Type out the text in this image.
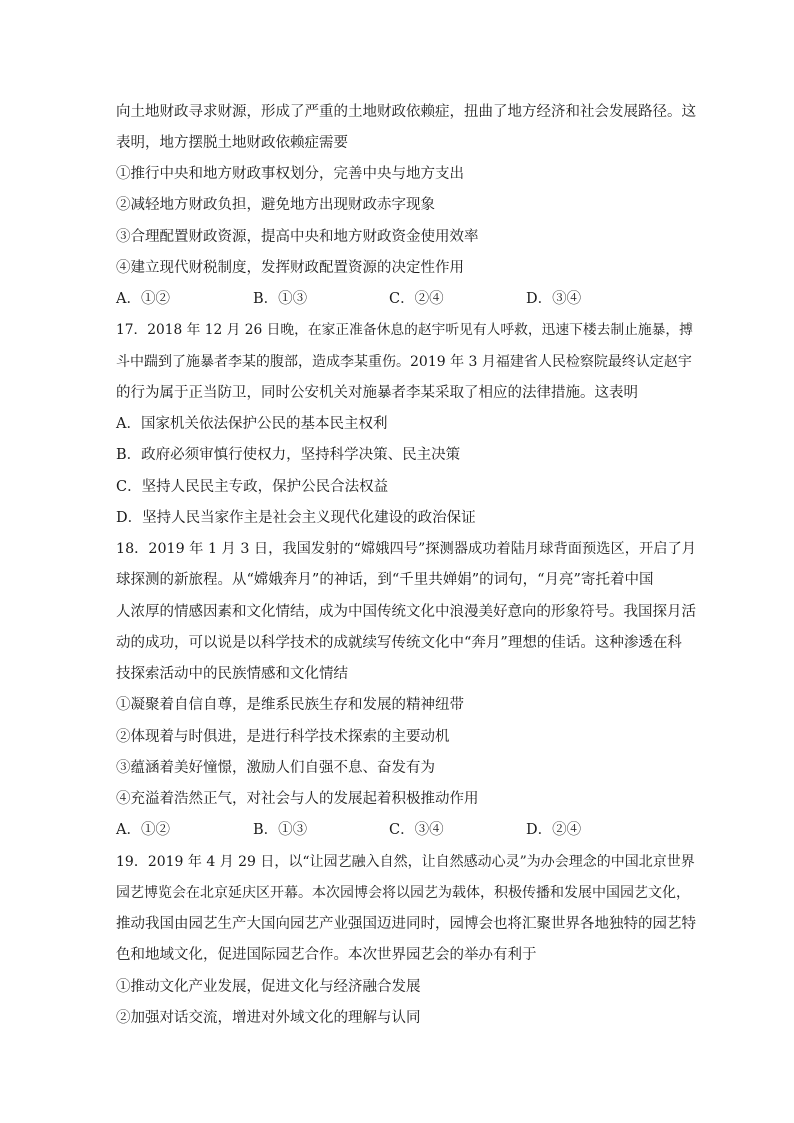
向土地财政寻求财源，形成了严重的土地财政依赖症，扭曲了地方经济和社会发展路径。这
表明，地方摆脱土地财政依赖症需要
①推行中央和地方财政事权划分，完善中央与地方支出
②减轻地方财政负担，避免地方出现财政赤字现象
③合理配置财政资源，提高中央和地方财政资金使用效率
④建立现代财税制度，发挥财政配置资源的决定性作用
A．①②	B．①③	C．②④	D．③④
17．2018 年 12 月 26 日晚，在家正准备休息的赵宇听见有人呼救，迅速下楼去制止施暴，搏
斗中踹到了施暴者李某的腹部，造成李某重伤。2019 年 3 月福建省人民检察院最终认定赵宇
的行为属于正当防卫，同时公安机关对施暴者李某采取了相应的法律措施。这表明
A．国家机关依法保护公民的基本民主权利
B．政府必须审慎行使权力，坚持科学决策、民主决策
C．坚持人民民主专政，保护公民合法权益
D．坚持人民当家作主是社会主义现代化建设的政治保证
18．2019 年 1 月 3 日，我国发射的“嫦娥四号”探测器成功着陆月球背面预选区，开启了月
球探测的新旅程。从“嫦娥奔月”的神话，到“千里共婵娟”的词句，“月亮”寄托着中国
人浓厚的情感因素和文化情结，成为中国传统文化中浪漫美好意向的形象符号。我国探月活
动的成功，可以说是以科学技术的成就续写传统文化中“奔月”理想的佳话。这种渗透在科
技探索活动中的民族情感和文化情结
①凝聚着自信自尊，是维系民族生存和发展的精神纽带
②体现着与时俱进，是进行科学技术探索的主要动机
③蕴涵着美好憧憬，激励人们自强不息、奋发有为
④充溢着浩然正气，对社会与人的发展起着积极推动作用
A．①②	B．①③	C．③④	D．②④
19．2019 年 4 月 29 日，以“让园艺融入自然，让自然感动心灵”为办会理念的中国北京世界
园艺博览会在北京延庆区开幕。本次园博会将以园艺为载体，积极传播和发展中国园艺文化，
推动我国由园艺生产大国向园艺产业强国迈进同时，园博会也将汇聚世界各地独特的园艺特
色和地域文化，促进国际园艺合作。本次世界园艺会的举办有利于
①推动文化产业发展，促进文化与经济融合发展
②加强对话交流，增进对外域文化的理解与认同
